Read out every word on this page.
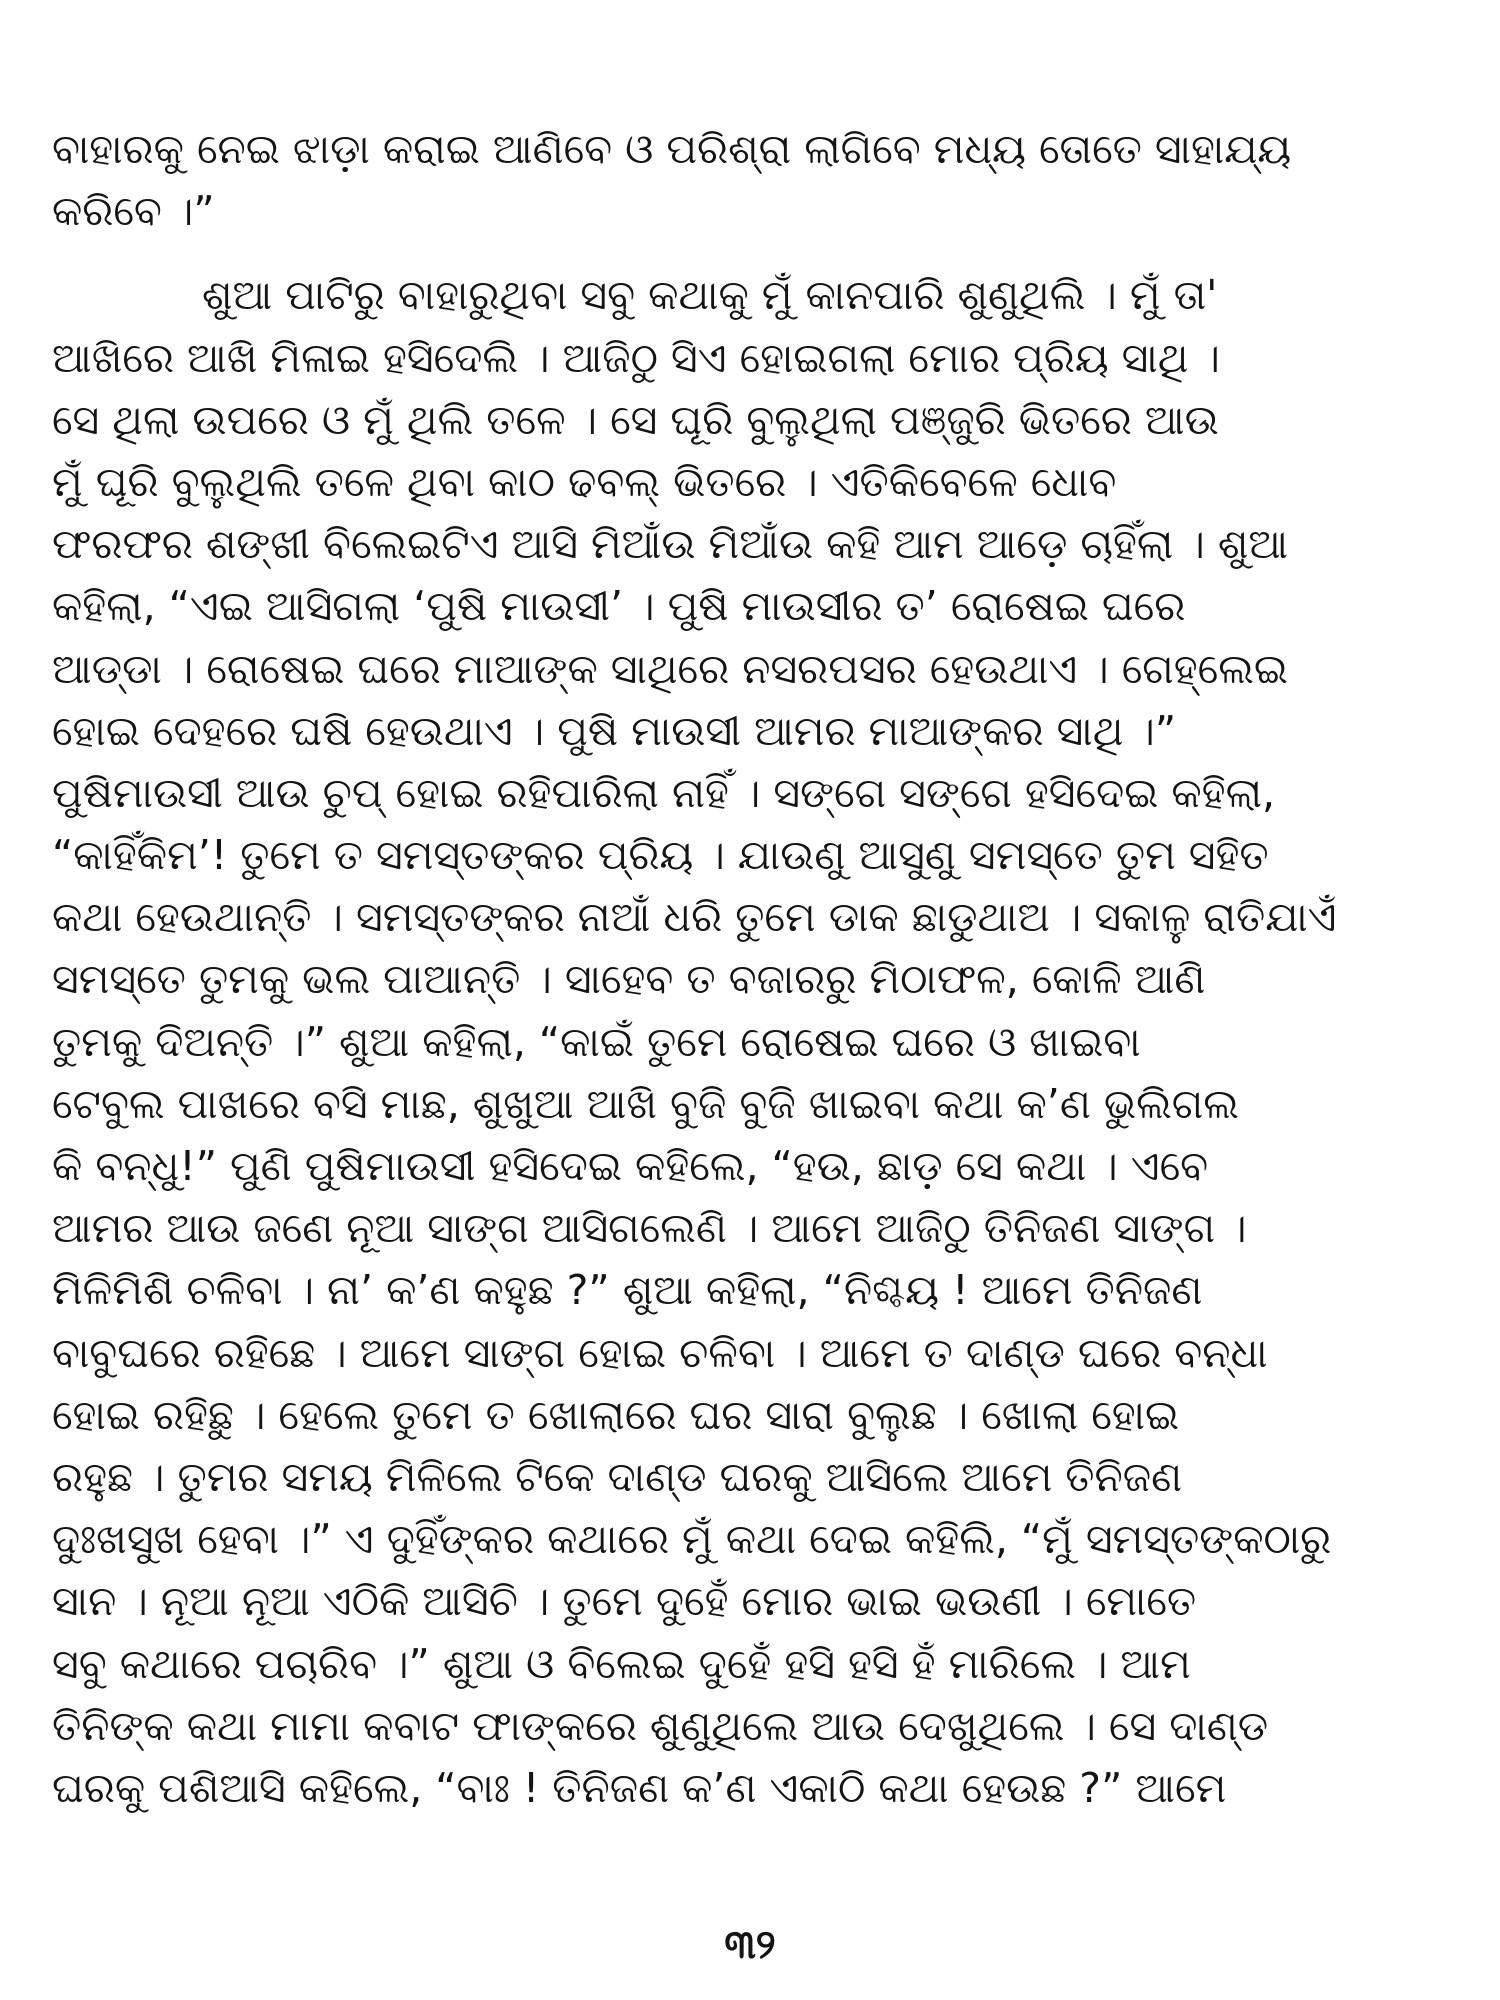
ବାହାରକୁ ନେଇ ଝାଡ଼ା କରାଇ ଆଣିବେ ଓ ପରିଶ୍ରା ଲାଗିବେ ମଧ୍ୟ ତୋତେ ସାହାଯ୍ୟ
କରିବେ ।”
ଶୁଆ ପାଟିରୁ ବାହାରୁଥିବା ସବୁ କଥାକୁ ମୁଁ କାନପାରି ଶୁଣୁଥିଲି । ମୁଁ ତା'
ଆଖିରେ ଆଖି ମିଳାଇ ହସିଦେଲି । ଆଜିଠୁ ସିଏ ହୋଇଗଲା ମୋର ପ୍ରିୟ ସାଥି ।
ସେ ଥିଲା ଉପରେ ଓ ମୁଁ ଥିଲି ତଳେ । ସେ ଘୂରି ବୁଲୁଥିଲା ପଞ୍ଜୁରି ଭିତରେ ଆଉ
ମୁଁ ଘୂରି ବୁଲୁଥିଲି ତଳେ ଥିବା କାଠ ଢବଲ୍ ଭିତରେ । ଏତିକିବେଳେ ଧୋବ
ଫରଫର ଶଙ୍ଖୀ ବିଲେଇଟିଏ ଆସି ମିଆଁଉ ମିଆଁଉ କହି ଆମ ଆଡ଼େ ଚାହିଁଲା । ଶୁଆ
କହିଲା, “ଏଇ ଆସିଗଲା ‘ପୁଷି ମାଉସୀ’ । ପୁଷି ମାଉସୀର ତ’ ରୋଷେଇ ଘରେ
ଆଡ୍ଡା । ରୋଷେଇ ଘରେ ମାଆଙ୍କ ସାଥିରେ ନସରପସର ହେଉଥାଏ । ଗେହ୍ଲେଇ
ହୋଇ ଦେହରେ ଘଷି ହେଉଥାଏ । ପୁଷି ମାଉସୀ ଆମର ମାଆଙ୍କର ସାଥି ।”
ପୁଷିମାଉସୀ ଆଉ ଚୁପ୍ ହୋଇ ରହିପାରିଲା ନାହିଁ । ସଙ୍ଗେ ସଙ୍ଗେ ହସିଦେଇ କହିଲା,
“କାହିଁକିମ’! ତୁମେ ତ ସମସ୍ତଙ୍କର ପ୍ରିୟ । ଯାଉଣୁ ଆସୁଣୁ ସମସ୍ତେ ତୁମ ସହିତ
କଥା ହେଉଥାନ୍ତି । ସମସ୍ତଙ୍କର ନାଆଁ ଧରି ତୁମେ ଡାକ ଛାଡୁଥାଅ । ସକାଳୁ ରାତିଯାଏଁ
ସମସ୍ତେ ତୁମକୁ ଭଲ ପାଆନ୍ତି । ସାହେବ ତ ବଜାରରୁ ମିଠାଫଳ, କୋଳି ଆଣି
ତୁମକୁ ଦିଅନ୍ତି ।” ଶୁଆ କହିଲା, “କାଇଁ ତୁମେ ରୋଷେଇ ଘରେ ଓ ଖାଇବା
ଟେବୁଲ ପାଖରେ ବସି ମାଛ, ଶୁଖୁଆ ଆଖି ବୁଜି ବୁଜି ଖାଇବା କଥା କ’ଣ ଭୁଲିଗଲ
କି ବନ୍ଧୁ!” ପୁଣି ପୁଷିମାଉସୀ ହସିଦେଇ କହିଲେ, “ହଉ, ଛାଡ଼ ସେ କଥା । ଏବେ
ଆମର ଆଉ ଜଣେ ନୂଆ ସାଙ୍ଗ ଆସିଗଲେଣି । ଆମେ ଆଜିଠୁ ତିନିଜଣ ସାଙ୍ଗ ।
ମିଳିମିଶି ଚଳିବା । ନା’ କ’ଣ କହୁଛ ?” ଶୁଆ କହିଲା, “ନିଶ୍ଚୟ ! ଆମେ ତିନିଜଣ
ବାବୁଘରେ ରହିଛେ । ଆମେ ସାଙ୍ଗ ହୋଇ ଚଳିବା । ଆମେ ତ ଦାଣ୍ଡ ଘରେ ବନ୍ଧା
ହୋଇ ରହିଛୁ । ହେଲେ ତୁମେ ତ ଖୋଲାରେ ଘର ସାରା ବୁଲୁଛ । ଖୋଲା ହୋଇ
ରହୁଛ । ତୁମର ସମୟ ମିଳିଲେ ଟିକେ ଦାଣ୍ଡ ଘରକୁ ଆସିଲେ ଆମେ ତିନିଜଣ
ଦୁଃଖସୁଖ ହେବା ।” ଏ ଦୁହିଁଙ୍କର କଥାରେ ମୁଁ କଥା ଦେଇ କହିଲି, “ମୁଁ ସମସ୍ତଙ୍କଠାରୁ
ସାନ । ନୂଆ ନୂଆ ଏଠିକି ଆସିଚି । ତୁମେ ଦୁହେଁ ମୋର ଭାଇ ଭଉଣୀ । ମୋତେ
ସବୁ କଥାରେ ପଚାରିବ ।” ଶୁଆ ଓ ବିଲେଇ ଦୁହେଁ ହସି ହସି ହଁ ମାରିଲେ । ଆମ
ତିନିଙ୍କ କଥା ମାମା କବାଟ ଫାଙ୍କରେ ଶୁଣୁଥିଲେ ଆଉ ଦେଖୁଥିଲେ । ସେ ଦାଣ୍ଡ
ଘରକୁ ପଶିଆସି କହିଲେ, “ବାଃ ! ତିନିଜଣ କ’ଣ ଏକାଠି କଥା ହେଉଛ ?” ଆମେ
୩୨
